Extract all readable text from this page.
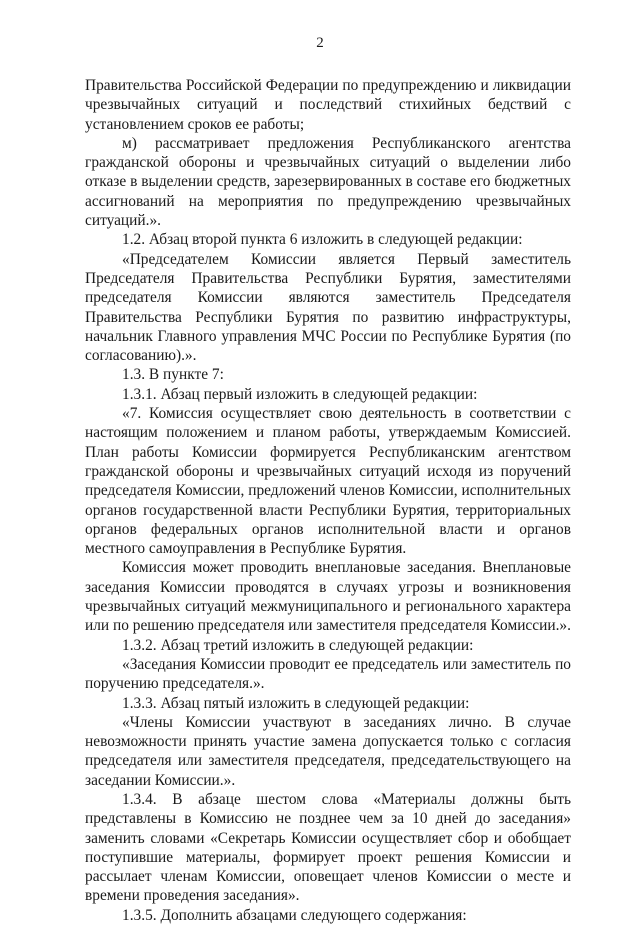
2

Правительства Российской Федерации по предупреждению и ликвидации чрезвычайных ситуаций и последствий стихийных бедствий с установлением сроков ее работы;

м) рассматривает предложения Республиканского агентства гражданской обороны и чрезвычайных ситуаций о выделении либо отказе в выделении средств, зарезервированных в составе его бюджетных ассигнований на мероприятия по предупреждению чрезвычайных ситуаций.».

1.2. Абзац второй пункта 6 изложить в следующей редакции:

«Председателем Комиссии является Первый заместитель Председателя Правительства Республики Бурятия, заместителями председателя Комиссии являются заместитель Председателя Правительства Республики Бурятия по развитию инфраструктуры, начальник Главного управления МЧС России по Республике Бурятия (по согласованию).».

1.3. В пункте 7:

1.3.1. Абзац первый изложить в следующей редакции:

«7. Комиссия осуществляет свою деятельность в соответствии с настоящим положением и планом работы, утверждаемым Комиссией. План работы Комиссии формируется Республиканским агентством гражданской обороны и чрезвычайных ситуаций исходя из поручений председателя Комиссии, предложений членов Комиссии, исполнительных органов государственной власти Республики Бурятия, территориальных органов федеральных органов исполнительной власти и органов местного самоуправления в Республике Бурятия.

Комиссия может проводить внеплановые заседания. Внеплановые заседания Комиссии проводятся в случаях угрозы и возникновения чрезвычайных ситуаций межмуниципального и регионального характера или по решению председателя или заместителя председателя Комиссии.».

1.3.2. Абзац третий изложить в следующей редакции:

«Заседания Комиссии проводит ее председатель или заместитель по поручению председателя.».

1.3.3. Абзац пятый изложить в следующей редакции:

«Члены Комиссии участвуют в заседаниях лично. В случае невозможности принять участие замена допускается только с согласия председателя или заместителя председателя, председательствующего на заседании Комиссии.».

1.3.4. В абзаце шестом слова «Материалы должны быть представлены в Комиссию не позднее чем за 10 дней до заседания» заменить словами «Секретарь Комиссии осуществляет сбор и обобщает поступившие материалы, формирует проект решения Комиссии и рассылает членам Комиссии, оповещает членов Комиссии о месте и времени проведения заседания».

1.3.5. Дополнить абзацами следующего содержания:
